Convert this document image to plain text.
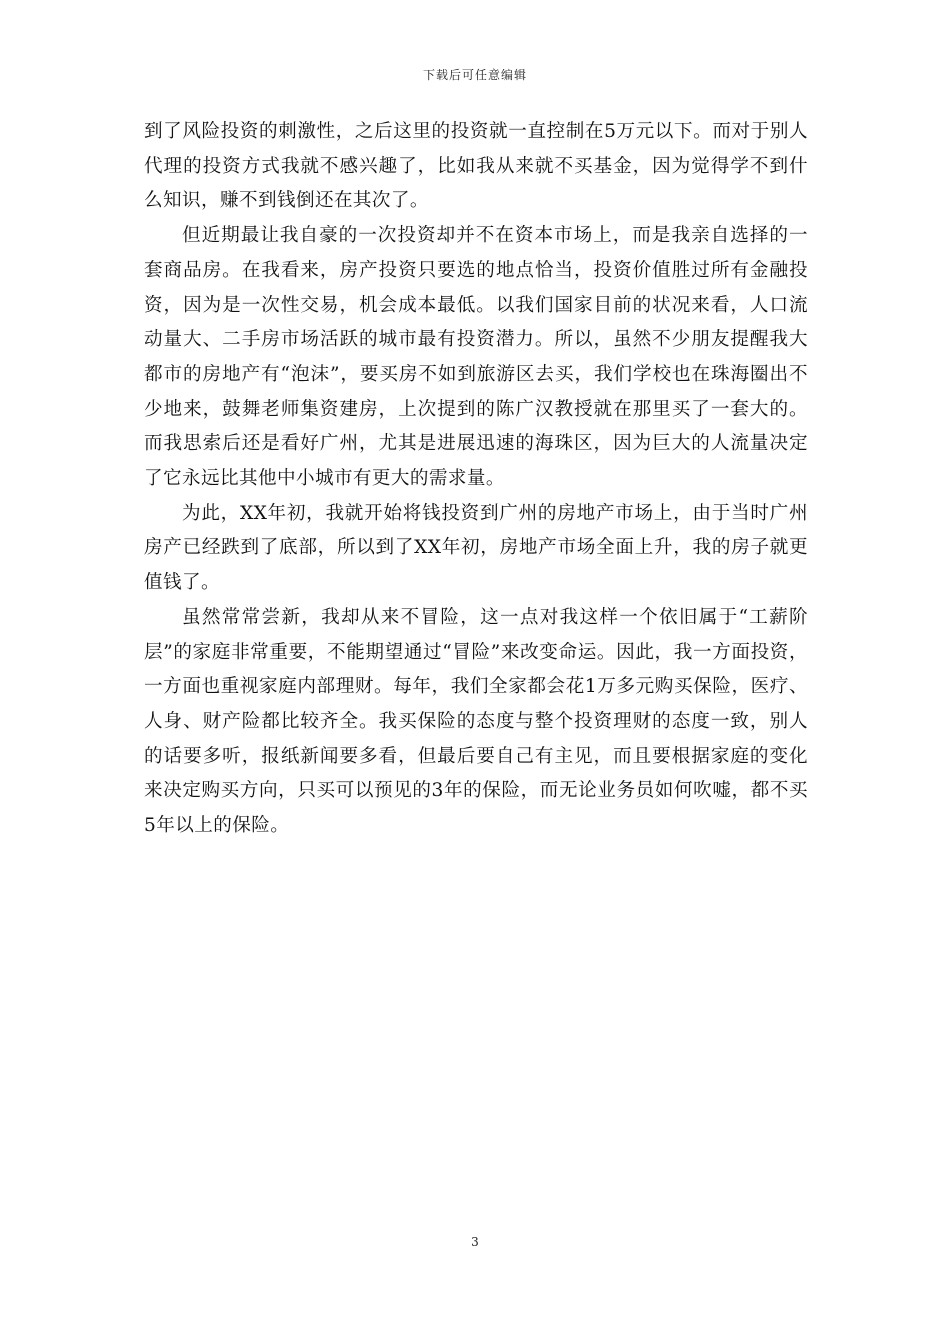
下载后可任意编辑

到了风险投资的刺激性，之后这里的投资就一直控制在5万元以下。而对于别人代理的投资方式我就不感兴趣了，比如我从来就不买基金，因为觉得学不到什么知识，赚不到钱倒还在其次了。

但近期最让我自豪的一次投资却并不在资本市场上，而是我亲自选择的一套商品房。在我看来，房产投资只要选的地点恰当，投资价值胜过所有金融投资，因为是一次性交易，机会成本最低。以我们国家目前的状况来看，人口流动量大、二手房市场活跃的城市最有投资潜力。所以，虽然不少朋友提醒我大都市的房地产有“泡沫”，要买房不如到旅游区去买，我们学校也在珠海圈出不少地来，鼓舞老师集资建房，上次提到的陈广汉教授就在那里买了一套大的。而我思索后还是看好广州，尤其是进展迅速的海珠区，因为巨大的人流量决定了它永远比其他中小城市有更大的需求量。

为此，XX年初，我就开始将钱投资到广州的房地产市场上，由于当时广州房产已经跌到了底部，所以到了XX年初，房地产市场全面上升，我的房子就更值钱了。

虽然常常尝新，我却从来不冒险，这一点对我这样一个依旧属于“工薪阶层”的家庭非常重要，不能期望通过“冒险”来改变命运。因此，我一方面投资，一方面也重视家庭内部理财。每年，我们全家都会花1万多元购买保险，医疗、人身、财产险都比较齐全。我买保险的态度与整个投资理财的态度一致，别人的话要多听，报纸新闻要多看，但最后要自己有主见，而且要根据家庭的变化来决定购买方向，只买可以预见的3年的保险，而无论业务员如何吹嘘，都不买5年以上的保险。

3
